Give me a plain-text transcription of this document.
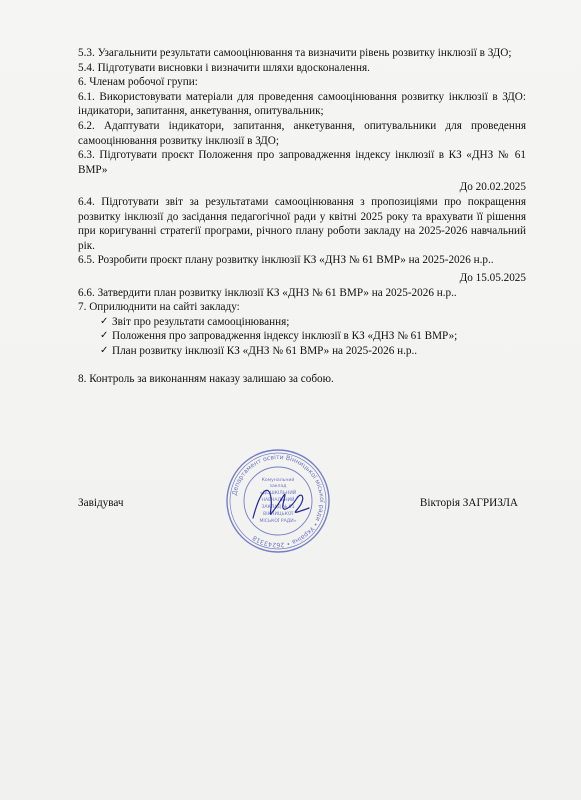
5.3. Узагальнити результати самооцінювання та визначити рівень розвитку інклюзії в ЗДО;

5.4. Підготувати висновки і визначити шляхи вдосконалення.

6. Членам робочої групи:

6.1. Використовувати матеріали для проведення самооцінювання розвитку інклюзії в ЗДО: індикатори, запитання, анкетування, опитувальник;

6.2. Адаптувати індикатори, запитання, анкетування, опитувальники для проведення самооцінювання розвитку інклюзії в ЗДО;

6.3. Підготувати проєкт Положення про запровадження індексу інклюзії в КЗ «ДНЗ № 61 ВМР»

До 20.02.2025

6.4. Підготувати звіт за результатами самооцінювання з пропозиціями про покращення розвитку інклюзії до засідання педагогічної ради у квітні 2025 року та врахувати її рішення при коригуванні стратегії програми, річного плану роботи закладу на 2025-2026 навчальний рік.

6.5. Розробити проєкт плану розвитку інклюзії КЗ «ДНЗ № 61 ВМР» на 2025-2026 н.р..

До 15.05.2025

6.6. Затвердити план розвитку інклюзії КЗ «ДНЗ № 61 ВМР» на 2025-2026 н.р..

7. Оприлюднити на сайті закладу:

✓ Звіт про результати самооцінювання;
✓ Положення про запровадження індексу інклюзії в КЗ «ДНЗ № 61 ВМР»;
✓ План розвитку інклюзії КЗ «ДНЗ № 61 ВМР» на 2025-2026 н.р..

8. Контроль за виконанням наказу залишаю за собою.

Завідувач	Вікторія ЗАГРИЗЛА
Департамент освіти Вінницької міської ради • Україна • 26243318
Комунальний
заклад
«ДОШКІЛЬНИЙ
НАВЧАЛЬНИЙ
ЗАКЛАД № 61
ВІННИЦЬКОЇ
МІСЬКОЇ РАДИ»
